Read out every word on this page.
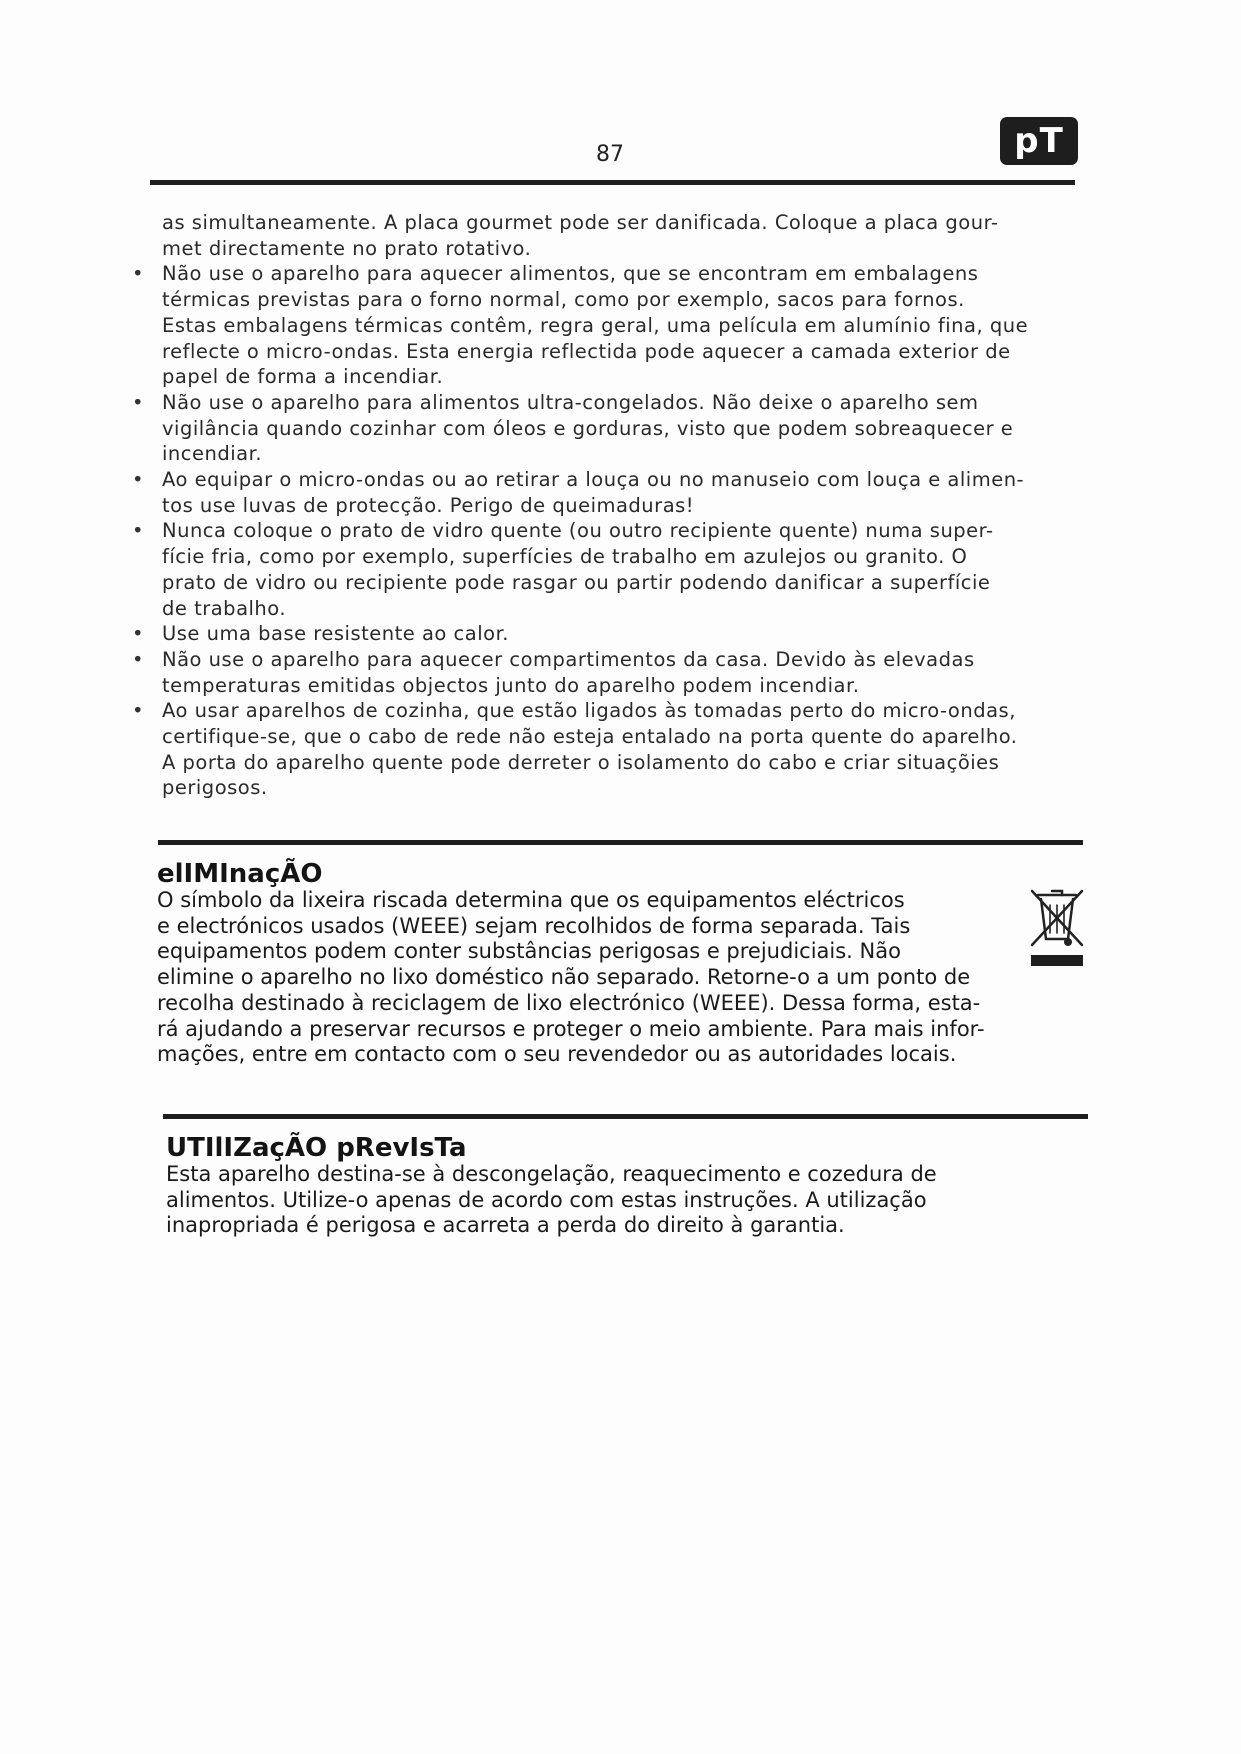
87	pT

as simultaneamente. A placa gourmet pode ser danificada. Coloque a placa gour-

met directamente no prato rotativo.

• Não use o aparelho para aquecer alimentos, que se encontram em embalagens
térmicas previstas para o forno normal, como por exemplo, sacos para fornos.
Estas embalagens térmicas contêm, regra geral, uma película em alumínio fina, que
reflecte o micro-ondas. Esta energia reflectida pode aquecer a camada exterior de
papel de forma a incendiar.
• Não use o aparelho para alimentos ultra-congelados. Não deixe o aparelho sem
vigilância quando cozinhar com óleos e gorduras, visto que podem sobreaquecer e
incendiar.
• Ao equipar o micro-ondas ou ao retirar a louça ou no manuseio com louça e alimen-
tos use luvas de protecção. Perigo de queimaduras!
• Nunca coloque o prato de vidro quente (ou outro recipiente quente) numa super-
fície fria, como por exemplo, superfícies de trabalho em azulejos ou granito. O
prato de vidro ou recipiente pode rasgar ou partir podendo danificar a superfície
de trabalho.
• Use uma base resistente ao calor.
• Não use o aparelho para aquecer compartimentos da casa. Devido às elevadas
temperaturas emitidas objectos junto do aparelho podem incendiar.
• Ao usar aparelhos de cozinha, que estão ligados às tomadas perto do micro-ondas,
certifique-se, que o cabo de rede não esteja entalado na porta quente do aparelho.
A porta do aparelho quente pode derreter o isolamento do cabo e criar situaçõies
perigosos.
elIMInaçÃO
O símbolo da lixeira riscada determina que os equipamentos eléctricos
e electrónicos usados (WEEE) sejam recolhidos de forma separada. Tais
equipamentos podem conter substâncias perigosas e prejudiciais. Não
elimine o aparelho no lixo doméstico não separado. Retorne-o a um ponto de
recolha destinado à reciclagem de lixo electrónico (WEEE). Dessa forma, esta-
rá ajudando a preservar recursos e proteger o meio ambiente. Para mais infor-
mações, entre em contacto com o seu revendedor ou as autoridades locais.
UTIlIZaçÃO pRevIsTa
Esta aparelho destina-se à descongelação, reaquecimento e cozedura de
alimentos. Utilize-o apenas de acordo com estas instruções. A utilização
inapropriada é perigosa e acarreta a perda do direito à garantia.
